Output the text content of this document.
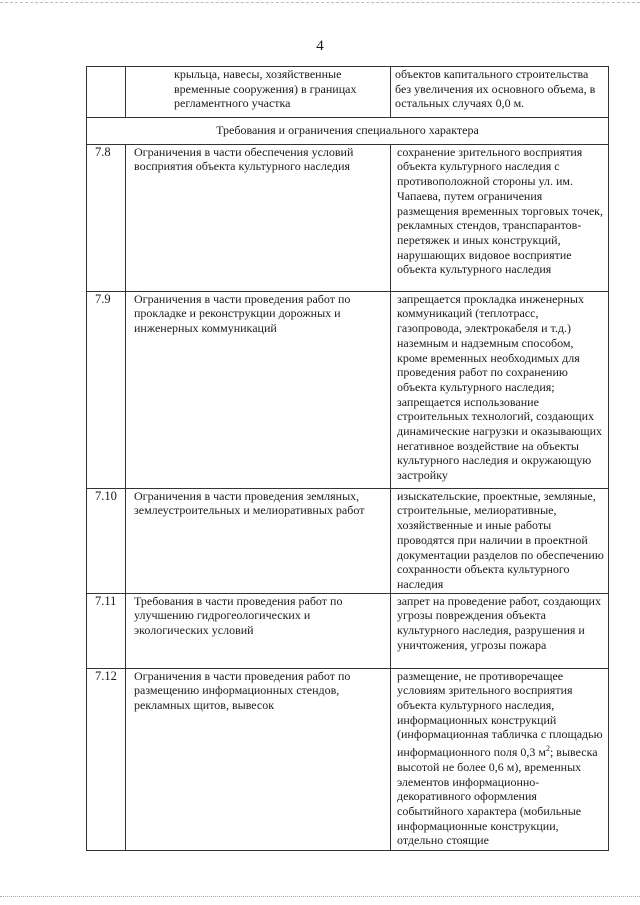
4

	крыльца, навесы, хозяйственные временные сооружения) в границах регламентного участка	объектов капитального строительства без увеличения их основного объема, в остальных случаях 0,0 м.

Требования и ограничения специального характера		
7.8	Ограничения в части обеспечения условий восприятия объекта культурного наследия	сохранение зрительного восприятия объекта культурного наследия с противоположной стороны ул. им. Чапаева, путем ограничения размещения временных торговых точек, рекламных стендов, транспарантов-перетяжек и иных конструкций, нарушающих видовое восприятие объекта культурного наследия
7.9	Ограничения в части проведения работ по прокладке и реконструкции дорожных и инженерных коммуникаций	запрещается прокладка инженерных коммуникаций (теплотрасс, газопровода, электрокабеля и т.д.) наземным и надземным способом, кроме временных необходимых для проведения работ по сохранению объекта культурного наследия; запрещается использование строительных технологий, создающих динамические нагрузки и оказывающих негативное воздействие на объекты культурного наследия и окружающую застройку
7.10	Ограничения в части проведения земляных, землеустроительных и мелиоративных работ	изыскательские, проектные, земляные, строительные, мелиоративные, хозяйственные и иные работы проводятся при наличии в проектной документации разделов по обеспечению сохранности объекта культурного наследия
7.11	Требования в части проведения работ по улучшению гидрогеологических и экологических условий	запрет на проведение работ, создающих угрозы повреждения объекта культурного наследия, разрушения и уничтожения, угрозы пожара
7.12	Ограничения в части проведения работ по размещению информационных стендов, рекламных щитов, вывесок	размещение, не противоречащее условиям зрительного восприятия объекта культурного наследия, информационных конструкций (информационная табличка с площадью информационного поля 0,3 $м^2$; вывеска высотой не более 0,6 м), временных элементов информационно-декоративного оформления событийного характера (мобильные информационные конструкции, отдельно стоящие
